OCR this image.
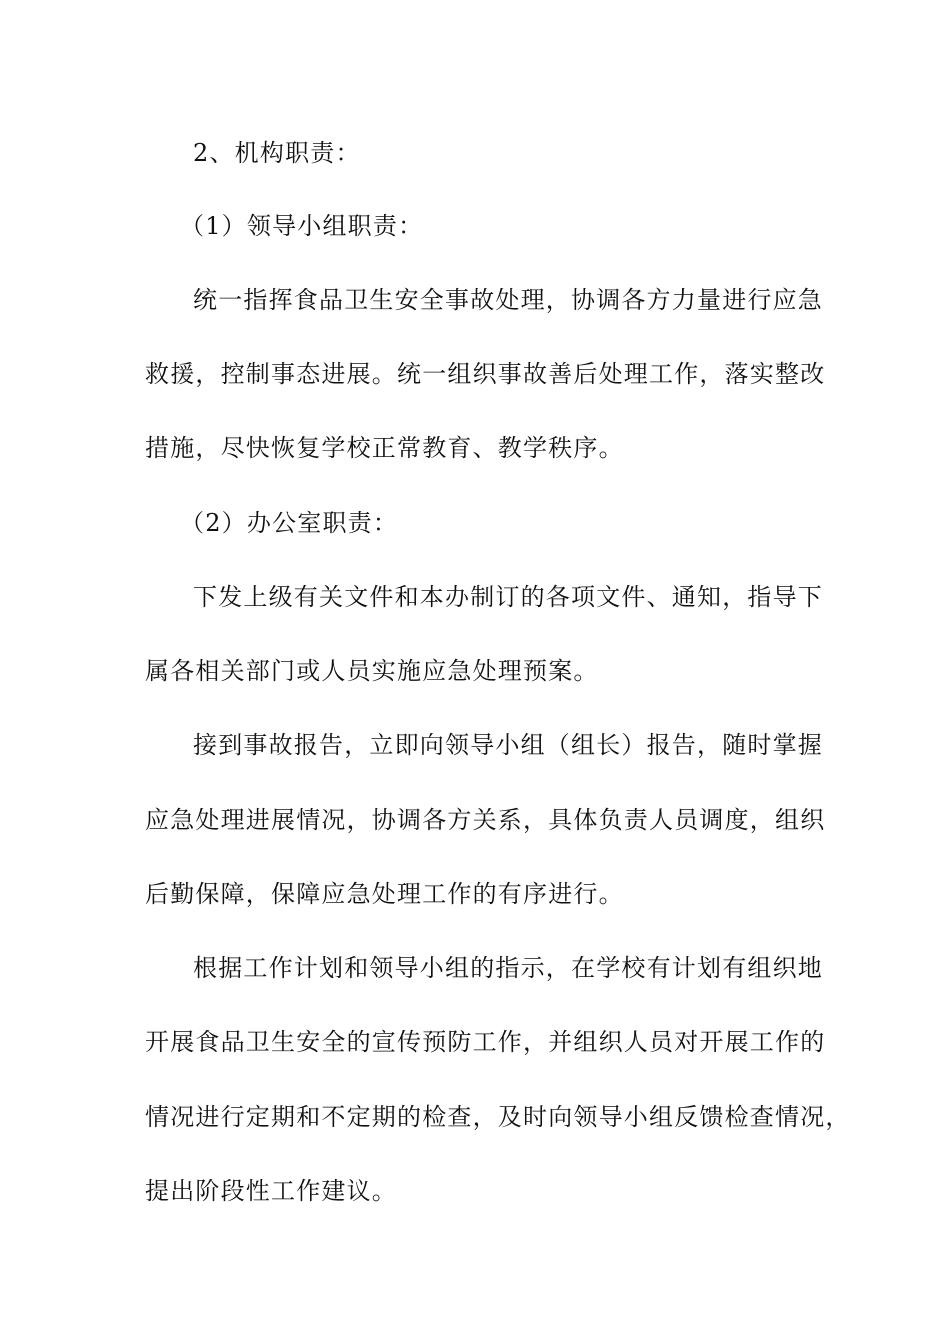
2、机构职责：
（1）领导小组职责：
统一指挥食品卫生安全事故处理，协调各方力量进行应急
救援，控制事态进展。统一组织事故善后处理工作，落实整改
措施，尽快恢复学校正常教育、教学秩序。
（2）办公室职责：
下发上级有关文件和本办制订的各项文件、通知，指导下
属各相关部门或人员实施应急处理预案。
接到事故报告，立即向领导小组（组长）报告，随时掌握
应急处理进展情况，协调各方关系，具体负责人员调度，组织
后勤保障，保障应急处理工作的有序进行。
根据工作计划和领导小组的指示，在学校有计划有组织地
开展食品卫生安全的宣传预防工作，并组织人员对开展工作的
情况进行定期和不定期的检查，及时向领导小组反馈检查情况，
提出阶段性工作建议。
